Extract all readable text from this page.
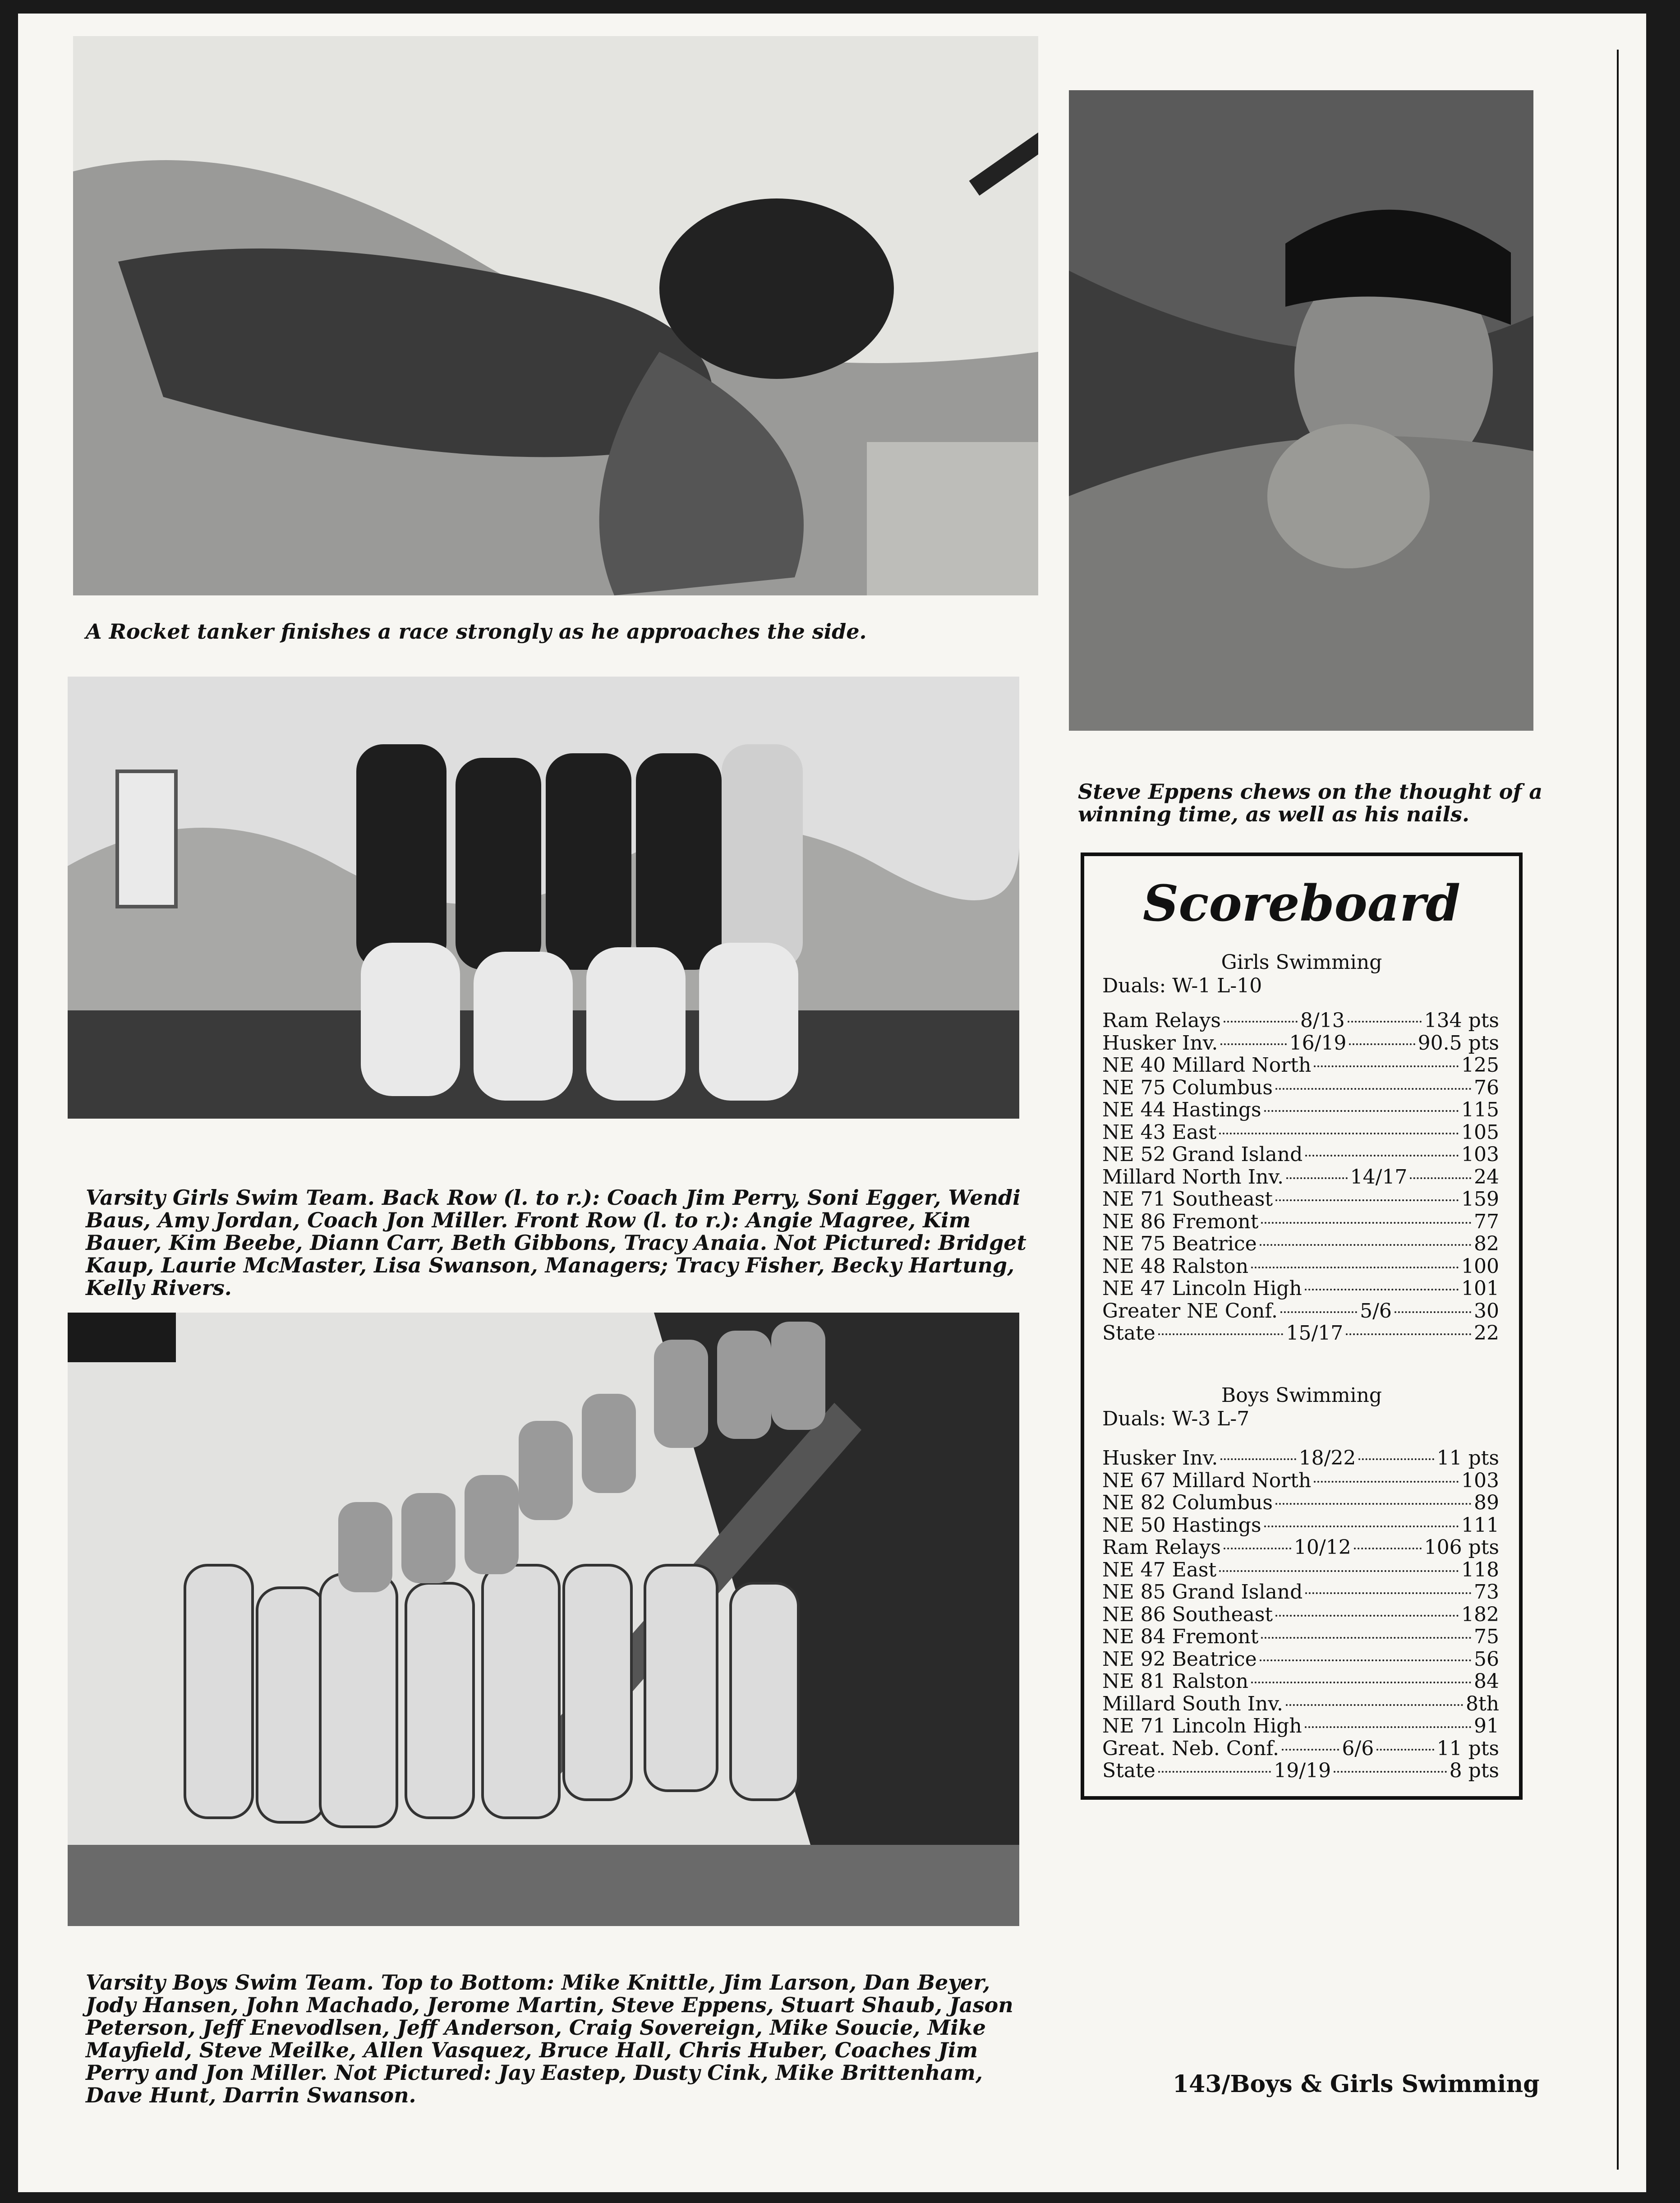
A Rocket tanker finishes a race strongly as he approaches the side.
Steve Eppens chews on the thought of a winning time, as well as his nails.
Varsity Girls Swim Team. Back Row (l. to r.): Coach Jim Perry, Soni Egger, Wendi Baus, Amy Jordan, Coach Jon Miller. Front Row (l. to r.): Angie Magree, Kim Bauer, Kim Beebe, Diann Carr, Beth Gibbons, Tracy Anaia. Not Pictured: Bridget Kaup, Laurie McMaster, Lisa Swanson, Managers; Tracy Fisher, Becky Hartung, Kelly Rivers.
Varsity Boys Swim Team. Top to Bottom: Mike Knittle, Jim Larson, Dan Beyer, Jody Hansen, John Machado, Jerome Martin, Steve Eppens, Stuart Shaub, Jason Peterson, Jeff Enevodlsen, Jeff Anderson, Craig Sovereign, Mike Soucie, Mike Mayfield, Steve Meilke, Allen Vasquez, Bruce Hall, Chris Huber, Coaches Jim Perry and Jon Miller. Not Pictured: Jay Eastep, Dusty Cink, Mike Brittenham, Dave Hunt, Darrin Swanson.
Scoreboard
Girls Swimming
Duals: W-1 L-10
Ram Relays	8/13	134 pts
Husker Inv.	16/19	90.5 pts
NE 40 Millard North	125
NE 75 Columbus	76
NE 44 Hastings	115
NE 43 East	105
NE 52 Grand Island	103
Millard North Inv.	14/17	24
NE 71 Southeast	159
NE 86 Fremont	77
NE 75 Beatrice	82
NE 48 Ralston	100
NE 47 Lincoln High	101
Greater NE Conf.	5/6	30
State	15/17	22
Boys Swimming
Duals: W-3 L-7
Husker Inv.	18/22	11 pts
NE 67 Millard North	103
NE 82 Columbus	89
NE 50 Hastings	111
Ram Relays	10/12	106 pts
NE 47 East	118
NE 85 Grand Island	73
NE 86 Southeast	182
NE 84 Fremont	75
NE 92 Beatrice	56
NE 81 Ralston	84
Millard South Inv.	8th
NE 71 Lincoln High	91
Great. Neb. Conf.	6/6	11 pts
State	19/19	8 pts
143/Boys & Girls Swimming
